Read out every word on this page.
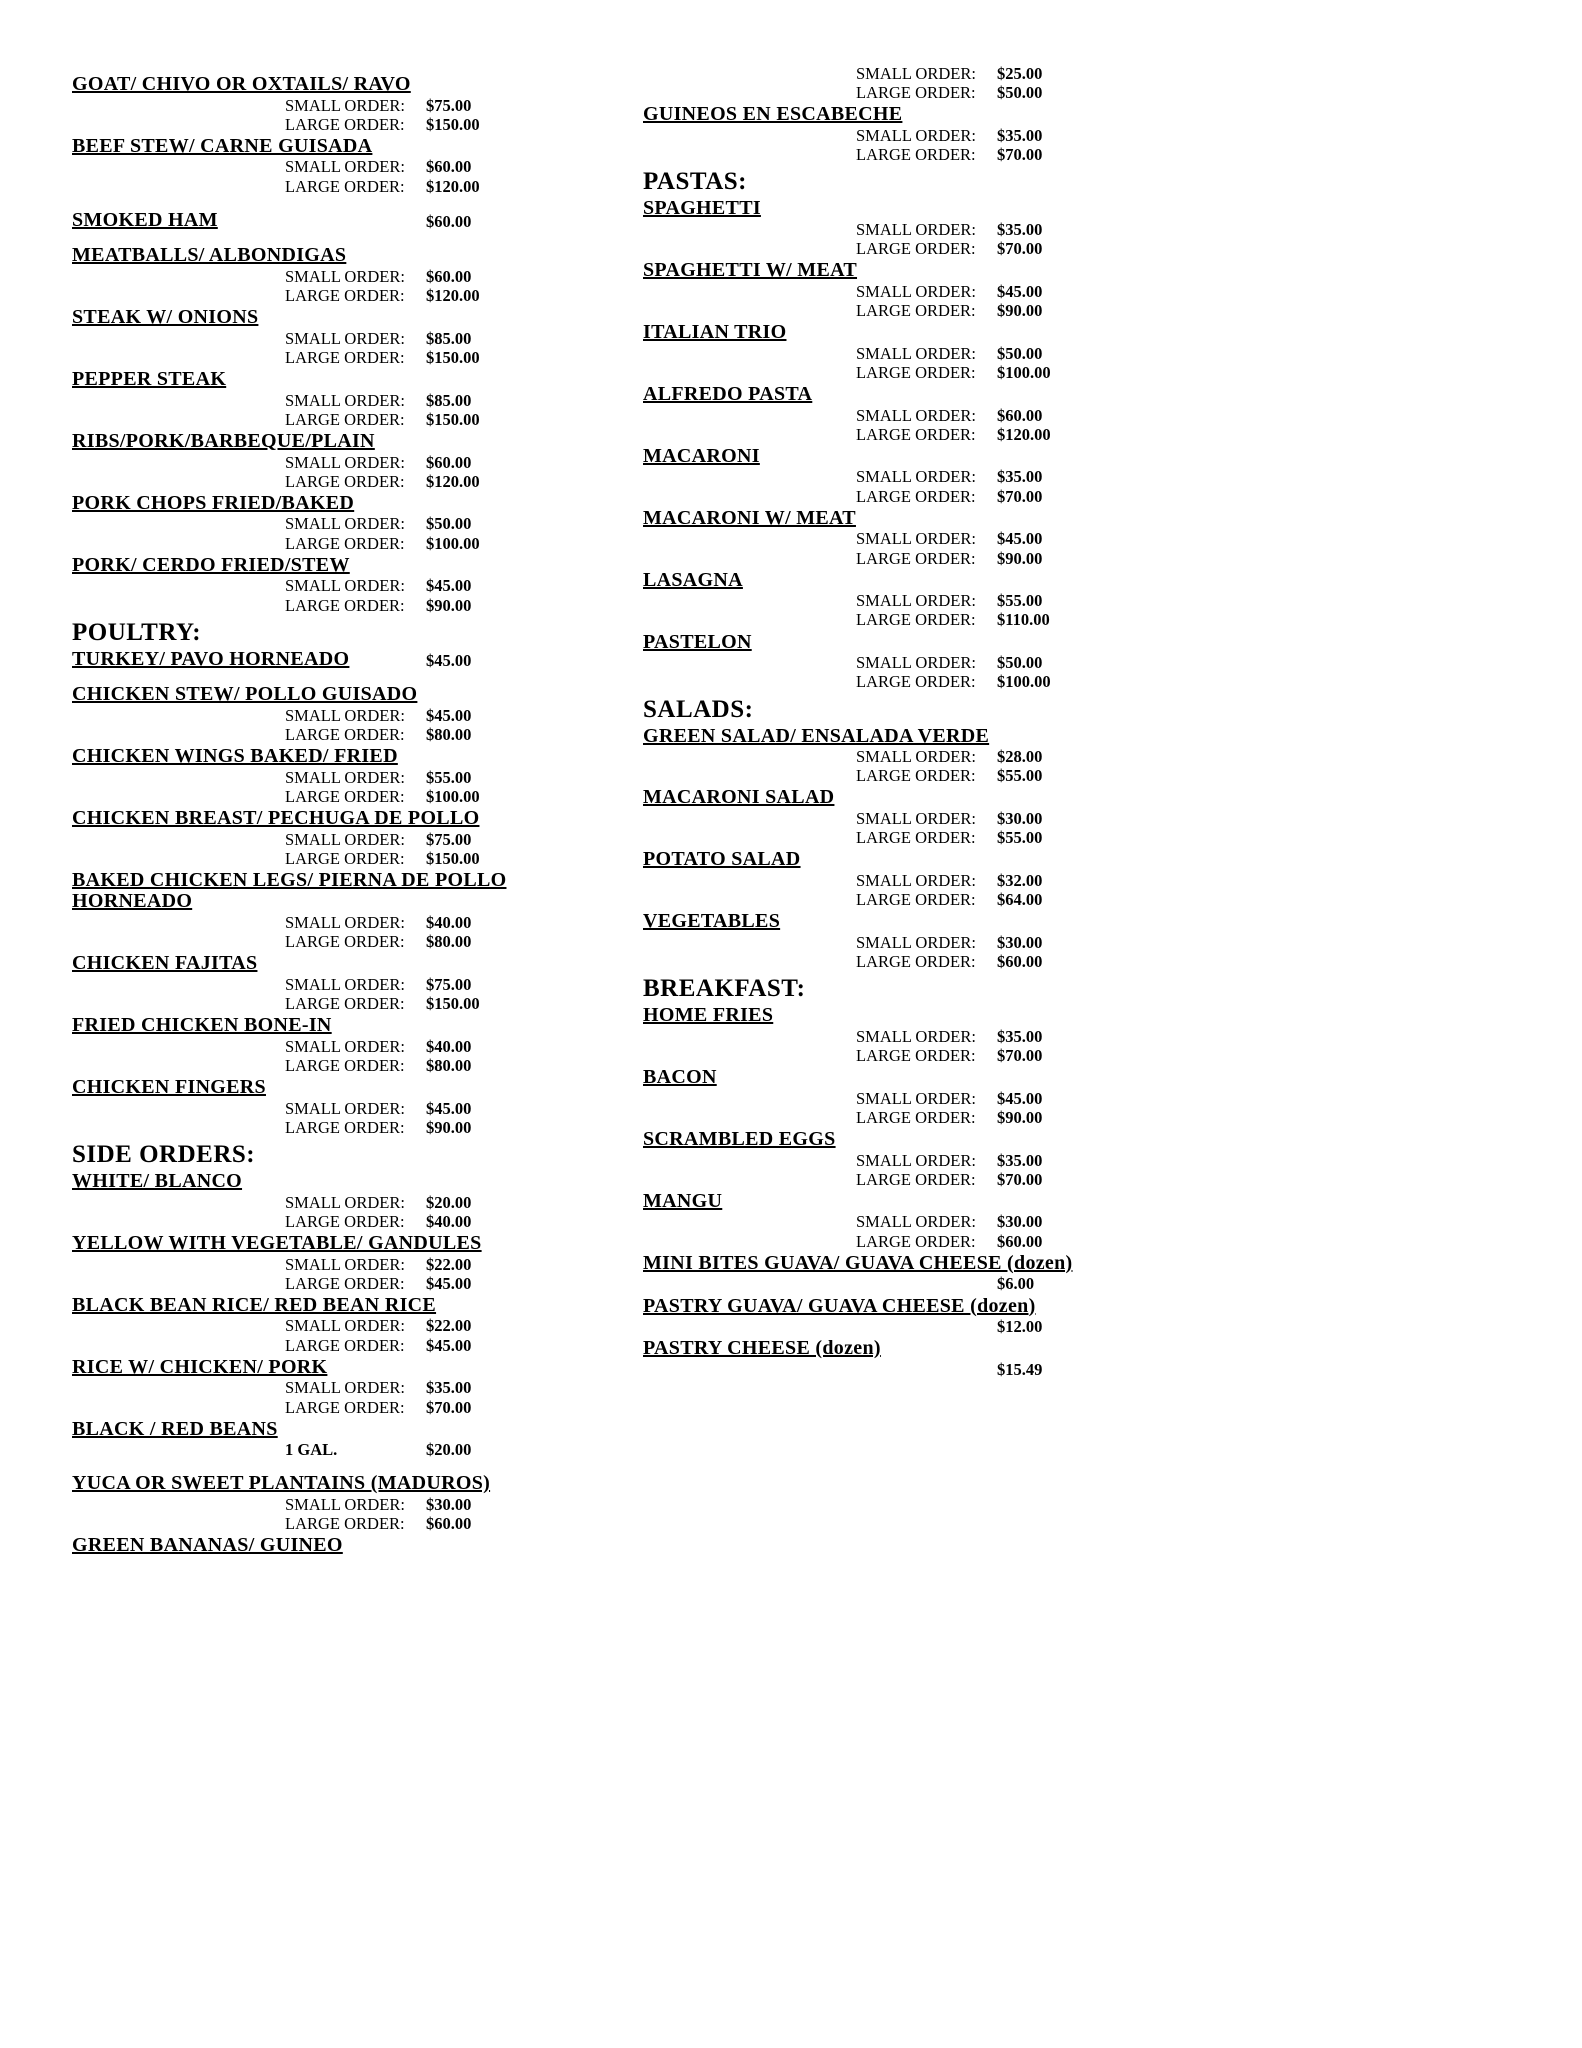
GOAT/ CHIVO OR OXTAILS/ RAVO
SMALL ORDER:	$75.00
LARGE ORDER:	$150.00
BEEF STEW/ CARNE GUISADA
SMALL ORDER:	$60.00
LARGE ORDER:	$120.00
SMOKED HAM	$60.00
MEATBALLS/ ALBONDIGAS
SMALL ORDER:	$60.00
LARGE ORDER:	$120.00
STEAK W/ ONIONS
SMALL ORDER:	$85.00
LARGE ORDER:	$150.00
PEPPER STEAK
SMALL ORDER:	$85.00
LARGE ORDER:	$150.00
RIBS/PORK/BARBEQUE/PLAIN
SMALL ORDER:	$60.00
LARGE ORDER:	$120.00
PORK CHOPS FRIED/BAKED
SMALL ORDER:	$50.00
LARGE ORDER:	$100.00
PORK/ CERDO FRIED/STEW
SMALL ORDER:	$45.00
LARGE ORDER:	$90.00
POULTRY:
TURKEY/ PAVO HORNEADO	$45.00
CHICKEN STEW/ POLLO GUISADO
SMALL ORDER:	$45.00
LARGE ORDER:	$80.00
CHICKEN WINGS BAKED/ FRIED
SMALL ORDER:	$55.00
LARGE ORDER:	$100.00
CHICKEN BREAST/ PECHUGA DE POLLO
SMALL ORDER:	$75.00
LARGE ORDER:	$150.00
BAKED CHICKEN LEGS/ PIERNA DE POLLO HORNEADO
SMALL ORDER:	$40.00
LARGE ORDER:	$80.00
CHICKEN FAJITAS
SMALL ORDER:	$75.00
LARGE ORDER:	$150.00
FRIED CHICKEN BONE-IN
SMALL ORDER:	$40.00
LARGE ORDER:	$80.00
CHICKEN FINGERS
SMALL ORDER:	$45.00
LARGE ORDER:	$90.00
SIDE ORDERS:
WHITE/ BLANCO
SMALL ORDER:	$20.00
LARGE ORDER:	$40.00
YELLOW WITH VEGETABLE/ GANDULES
SMALL ORDER:	$22.00
LARGE ORDER:	$45.00
BLACK BEAN RICE/ RED BEAN RICE
SMALL ORDER:	$22.00
LARGE ORDER:	$45.00
RICE W/ CHICKEN/ PORK
SMALL ORDER:	$35.00
LARGE ORDER:	$70.00
BLACK / RED BEANS
1 GAL.	$20.00
YUCA OR SWEET PLANTAINS (MADUROS)
SMALL ORDER:	$30.00
LARGE ORDER:	$60.00
GREEN BANANAS/ GUINEO
SMALL ORDER:	$25.00
LARGE ORDER:	$50.00
GUINEOS EN ESCABECHE
SMALL ORDER:	$35.00
LARGE ORDER:	$70.00
PASTAS:
SPAGHETTI
SMALL ORDER:	$35.00
LARGE ORDER:	$70.00
SPAGHETTI W/ MEAT
SMALL ORDER:	$45.00
LARGE ORDER:	$90.00
ITALIAN TRIO
SMALL ORDER:	$50.00
LARGE ORDER:	$100.00
ALFREDO PASTA
SMALL ORDER:	$60.00
LARGE ORDER:	$120.00
MACARONI
SMALL ORDER:	$35.00
LARGE ORDER:	$70.00
MACARONI W/ MEAT
SMALL ORDER:	$45.00
LARGE ORDER:	$90.00
LASAGNA
SMALL ORDER:	$55.00
LARGE ORDER:	$110.00
PASTELON
SMALL ORDER:	$50.00
LARGE ORDER:	$100.00
SALADS:
GREEN SALAD/ ENSALADA VERDE
SMALL ORDER:	$28.00
LARGE ORDER:	$55.00
MACARONI SALAD
SMALL ORDER:	$30.00
LARGE ORDER:	$55.00
POTATO SALAD
SMALL ORDER:	$32.00
LARGE ORDER:	$64.00
VEGETABLES
SMALL ORDER:	$30.00
LARGE ORDER:	$60.00
BREAKFAST:
HOME FRIES
SMALL ORDER:	$35.00
LARGE ORDER:	$70.00
BACON
SMALL ORDER:	$45.00
LARGE ORDER:	$90.00
SCRAMBLED EGGS
SMALL ORDER:	$35.00
LARGE ORDER:	$70.00
MANGU
SMALL ORDER:	$30.00
LARGE ORDER:	$60.00
MINI BITES GUAVA/ GUAVA CHEESE (dozen)
$6.00
PASTRY GUAVA/ GUAVA CHEESE (dozen)
$12.00
PASTRY CHEESE (dozen)
$15.49
